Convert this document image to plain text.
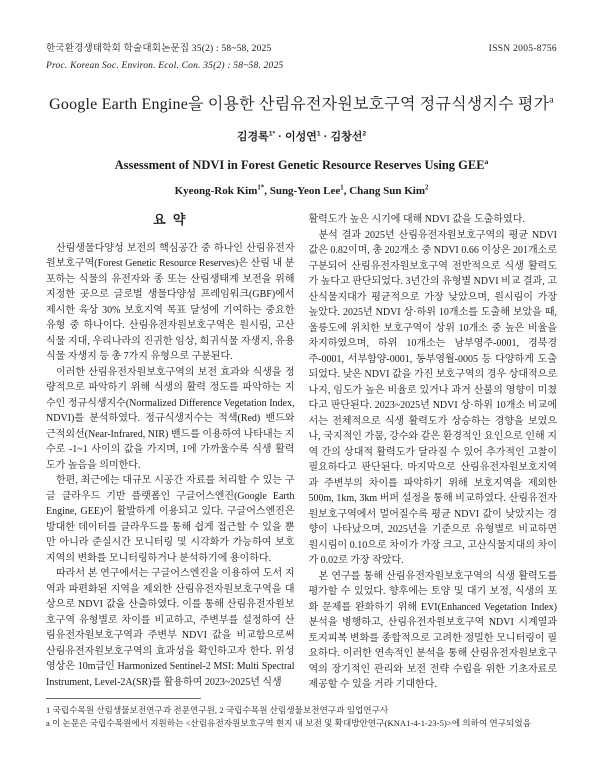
한국환경생태학회 학술대회논문집 35(2) : 58~58, 2025
Proc. Korean Soc. Environ. Ecol. Con. 35(2) : 58~58. 2025
ISSN 2005-8756
Google Earth Engine을 이용한 산림유전자원보호구역 정규식생지수 평가$^a$
김경록$^{1*}$ · 이성연$^1$ · 김창선$^2$
Assessment of NDVI in Forest Genetic Resource Reserves Using GEE$^a$
Kyeong-Rok Kim$^{1*}$, Sung-Yeon Lee$^1$, Chang Sun Kim$^2$
요 약

산림생물다양성 보전의 핵심공간 중 하나인 산림유전자원보호구역(Forest Genetic Resource Reserves)은 산림 내 분포하는 식물의 유전자와 종 또는 산림생태계 보전을 위해 지정한 곳으로 글로벌 생물다양성 프레임워크(GBF)에서 제시한 육상 30% 보호지역 목표 달성에 기여하는 중요한 유형 중 하나이다. 산림유전자원보호구역은 원시림, 고산식물 지대, 우리나라의 진귀한 임상, 희귀식물 자생지, 유용식물 자생지 등 총 7가지 유형으로 구분된다.

이러한 산림유전자원보호구역의 보전 효과와 식생을 정량적으로 파악하기 위해 식생의 활력 정도를 파악하는 지수인 정규식생지수(Normalized Difference Vegetation Index, NDVI)를 분석하였다. 정규식생지수는 적색(Red) 밴드와 근적외선(Near-Infrared, NIR) 밴드를 이용하여 나타내는 지수로 -1~1 사이의 값을 가지며, 1에 가까울수록 식생 활력도가 높음을 의미한다.

한편, 최근에는 대규모 시공간 자료를 처리할 수 있는 구글 클라우드 기반 플랫폼인 구글어스엔진(Google Earth Engine, GEE)이 활발하게 이용되고 있다. 구글어스엔진은 방대한 데이터를 클라우드를 통해 쉽게 접근할 수 있을 뿐만 아니라 준실시간 모니터링 및 시각화가 가능하여 보호지역의 변화를 모니터링하거나 분석하기에 용이하다.

따라서 본 연구에서는 구글어스엔진을 이용하여 도서 지역과 파편화된 지역을 제외한 산림유전자원보호구역을 대상으로 NDVI 값을 산출하였다. 이를 통해 산림유전자원보호구역 유형별로 차이를 비교하고, 주변부를 설정하여 산림유전자원보호구역과 주변부 NDVI 값을 비교함으로써 산림유전자원보호구역의 효과성을 확인하고자 한다. 위성영상은 10m급인 Harmonized Sentinel-2 MSI: Multi Spectral Instrument, Level-2A(SR)를 활용하여 2023~2025년 식생

활력도가 높은 시기에 대해 NDVI 값을 도출하였다.

분석 결과 2025년 산림유전자원보호구역의 평균 NDVI 값은 0.82이며, 총 202개소 중 NDVI 0.66 이상은 201개소로 구분되어 산림유전자원보호구역 전반적으로 식생 활력도가 높다고 판단되었다. 3년간의 유형별 NDVI 비교 결과, 고산식물지대가 평균적으로 가장 낮았으며, 원시림이 가장 높았다. 2025년 NDVI 상·하위 10개소를 도출해 보았을 때, 울릉도에 위치한 보호구역이 상위 10개소 중 높은 비율을 차지하였으며, 하위 10개소는 남부영주-0001, 경북경주-0001, 서부함양-0001, 동부영월-0005 등 다양하게 도출되었다. 낮은 NDVI 값을 가진 보호구역의 경우 상대적으로 나지, 임도가 높은 비율로 있거나 과거 산불의 영향이 미쳤다고 판단된다. 2023~2025년 NDVI 상·하위 10개소 비교에서는 전체적으로 식생 활력도가 상승하는 경향을 보였으나, 국지적인 가뭄, 강수와 같은 환경적인 요인으로 인해 지역 간의 상대적 활력도가 달라질 수 있어 추가적인 고찰이 필요하다고 판단된다. 마지막으로 산림유전자원보호지역과 주변부의 차이를 파악하기 위해 보호지역을 제외한 500m, 1km, 3km 버퍼 설정을 통해 비교하였다. 산림유전자원보호구역에서 멀어질수록 평균 NDVI 값이 낮았지는 경향이 나타났으며, 2025년을 기준으로 유형별로 비교하면 원시림이 0.10으로 차이가 가장 크고, 고산식물지대의 차이가 0.02로 가장 작았다.

본 연구를 통해 산림유전자원보호구역의 식생 활력도를 평가할 수 있었다. 향후에는 토양 및 대기 보정, 식생의 포화 문제를 완화하기 위해 EVI(Enhanced Vegetation Index) 분석을 병행하고, 산림유전자원보호구역 NDVI 시계열과 토지피복 변화를 종합적으로 고려한 정밀한 모니터링이 필요하다. 이러한 연속적인 분석을 통해 산림유전자원보호구역의 장기적인 관리와 보전 전략 수립을 위한 기초자료로 제공할 수 있을 거라 기대한다.

1 국립수목원 산림생물보전연구과 전문연구원, 2 국립수목원 산림생물보전연구과 임업연구사
a 이 논문은 국립수목원에서 지원하는 <산림유전자원보호구역 현지 내 보전 및 확대방안연구(KNA1-4-1-23-5)>에 의하여 연구되었음
